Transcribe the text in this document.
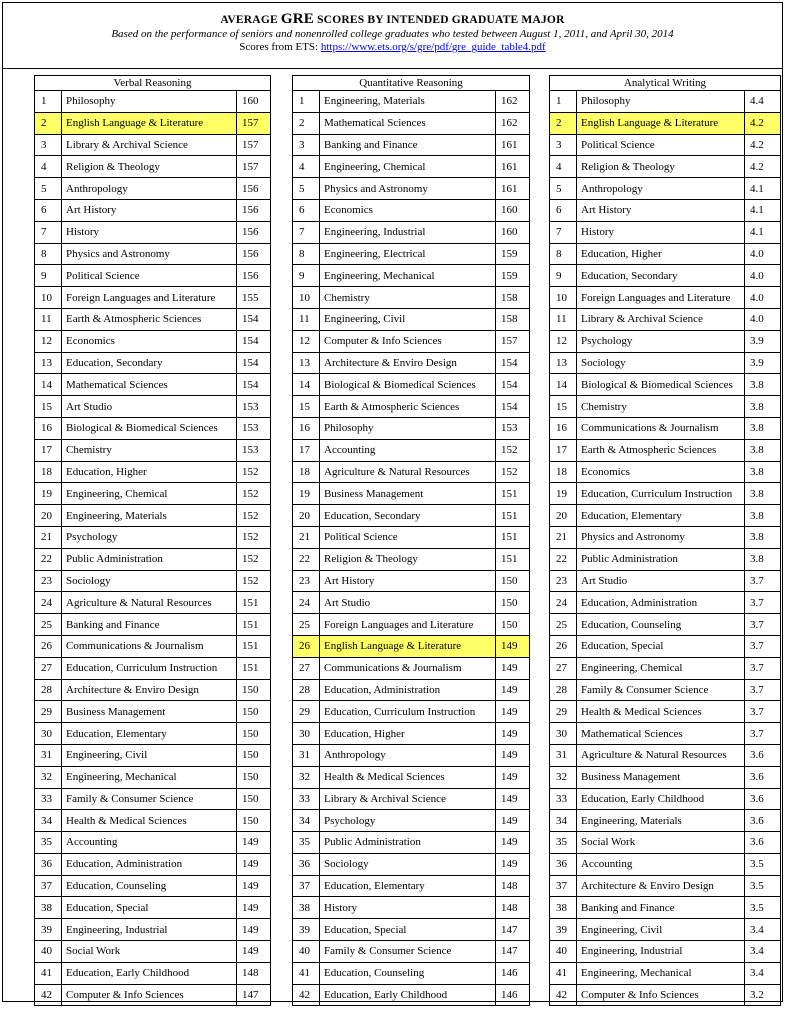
AVERAGE GRE SCORES BY INTENDED GRADUATE MAJOR
Based on the performance of seniors and nonenrolled college graduates who tested between August 1, 2011, and April 30, 2014
Scores from ETS: https://www.ets.org/s/gre/pdf/gre_guide_table4.pdf
Verbal Reasoning		
1	Philosophy	160
2	English Language & Literature	157
3	Library & Archival Science	157
4	Religion & Theology	157
5	Anthropology	156
6	Art History	156
7	History	156
8	Physics and Astronomy	156
9	Political Science	156
10	Foreign Languages and Literature	155
11	Earth & Atmospheric Sciences	154
12	Economics	154
13	Education, Secondary	154
14	Mathematical Sciences	154
15	Art Studio	153
16	Biological & Biomedical Sciences	153
17	Chemistry	153
18	Education, Higher	152
19	Engineering, Chemical	152
20	Engineering, Materials	152
21	Psychology	152
22	Public Administration	152
23	Sociology	152
24	Agriculture & Natural Resources	151
25	Banking and Finance	151
26	Communications & Journalism	151
27	Education, Curriculum Instruction	151
28	Architecture & Enviro Design	150
29	Business Management	150
30	Education, Elementary	150
31	Engineering, Civil	150
32	Engineering, Mechanical	150
33	Family & Consumer Science	150
34	Health & Medical Sciences	150
35	Accounting	149
36	Education, Administration	149
37	Education, Counseling	149
38	Education, Special	149
39	Engineering, Industrial	149
40	Social Work	149
41	Education, Early Childhood	148
42	Computer & Info Sciences	147
Quantitative Reasoning		
1	Engineering, Materials	162
2	Mathematical Sciences	162
3	Banking and Finance	161
4	Engineering, Chemical	161
5	Physics and Astronomy	161
6	Economics	160
7	Engineering, Industrial	160
8	Engineering, Electrical	159
9	Engineering, Mechanical	159
10	Chemistry	158
11	Engineering, Civil	158
12	Computer & Info Sciences	157
13	Architecture & Enviro Design	154
14	Biological & Biomedical Sciences	154
15	Earth & Atmospheric Sciences	154
16	Philosophy	153
17	Accounting	152
18	Agriculture & Natural Resources	152
19	Business Management	151
20	Education, Secondary	151
21	Political Science	151
22	Religion & Theology	151
23	Art History	150
24	Art Studio	150
25	Foreign Languages and Literature	150
26	English Language & Literature	149
27	Communications & Journalism	149
28	Education, Administration	149
29	Education, Curriculum Instruction	149
30	Education, Higher	149
31	Anthropology	149
32	Health & Medical Sciences	149
33	Library & Archival Science	149
34	Psychology	149
35	Public Administration	149
36	Sociology	149
37	Education, Elementary	148
38	History	148
39	Education, Special	147
40	Family & Consumer Science	147
41	Education, Counseling	146
42	Education, Early Childhood	146
Analytical Writing		
1	Philosophy	4.4
2	English Language & Literature	4.2
3	Political Science	4.2
4	Religion & Theology	4.2
5	Anthropology	4.1
6	Art History	4.1
7	History	4.1
8	Education, Higher	4.0
9	Education, Secondary	4.0
10	Foreign Languages and Literature	4.0
11	Library & Archival Science	4.0
12	Psychology	3.9
13	Sociology	3.9
14	Biological & Biomedical Sciences	3.8
15	Chemistry	3.8
16	Communications & Journalism	3.8
17	Earth & Atmospheric Sciences	3.8
18	Economics	3.8
19	Education, Curriculum Instruction	3.8
20	Education, Elementary	3.8
21	Physics and Astronomy	3.8
22	Public Administration	3.8
23	Art Studio	3.7
24	Education, Administration	3.7
25	Education, Counseling	3.7
26	Education, Special	3.7
27	Engineering, Chemical	3.7
28	Family & Consumer Science	3.7
29	Health & Medical Sciences	3.7
30	Mathematical Sciences	3.7
31	Agriculture & Natural Resources	3.6
32	Business Management	3.6
33	Education, Early Childhood	3.6
34	Engineering, Materials	3.6
35	Social Work	3.6
36	Accounting	3.5
37	Architecture & Enviro Design	3.5
38	Banking and Finance	3.5
39	Engineering, Civil	3.4
40	Engineering, Industrial	3.4
41	Engineering, Mechanical	3.4
42	Computer & Info Sciences	3.2
